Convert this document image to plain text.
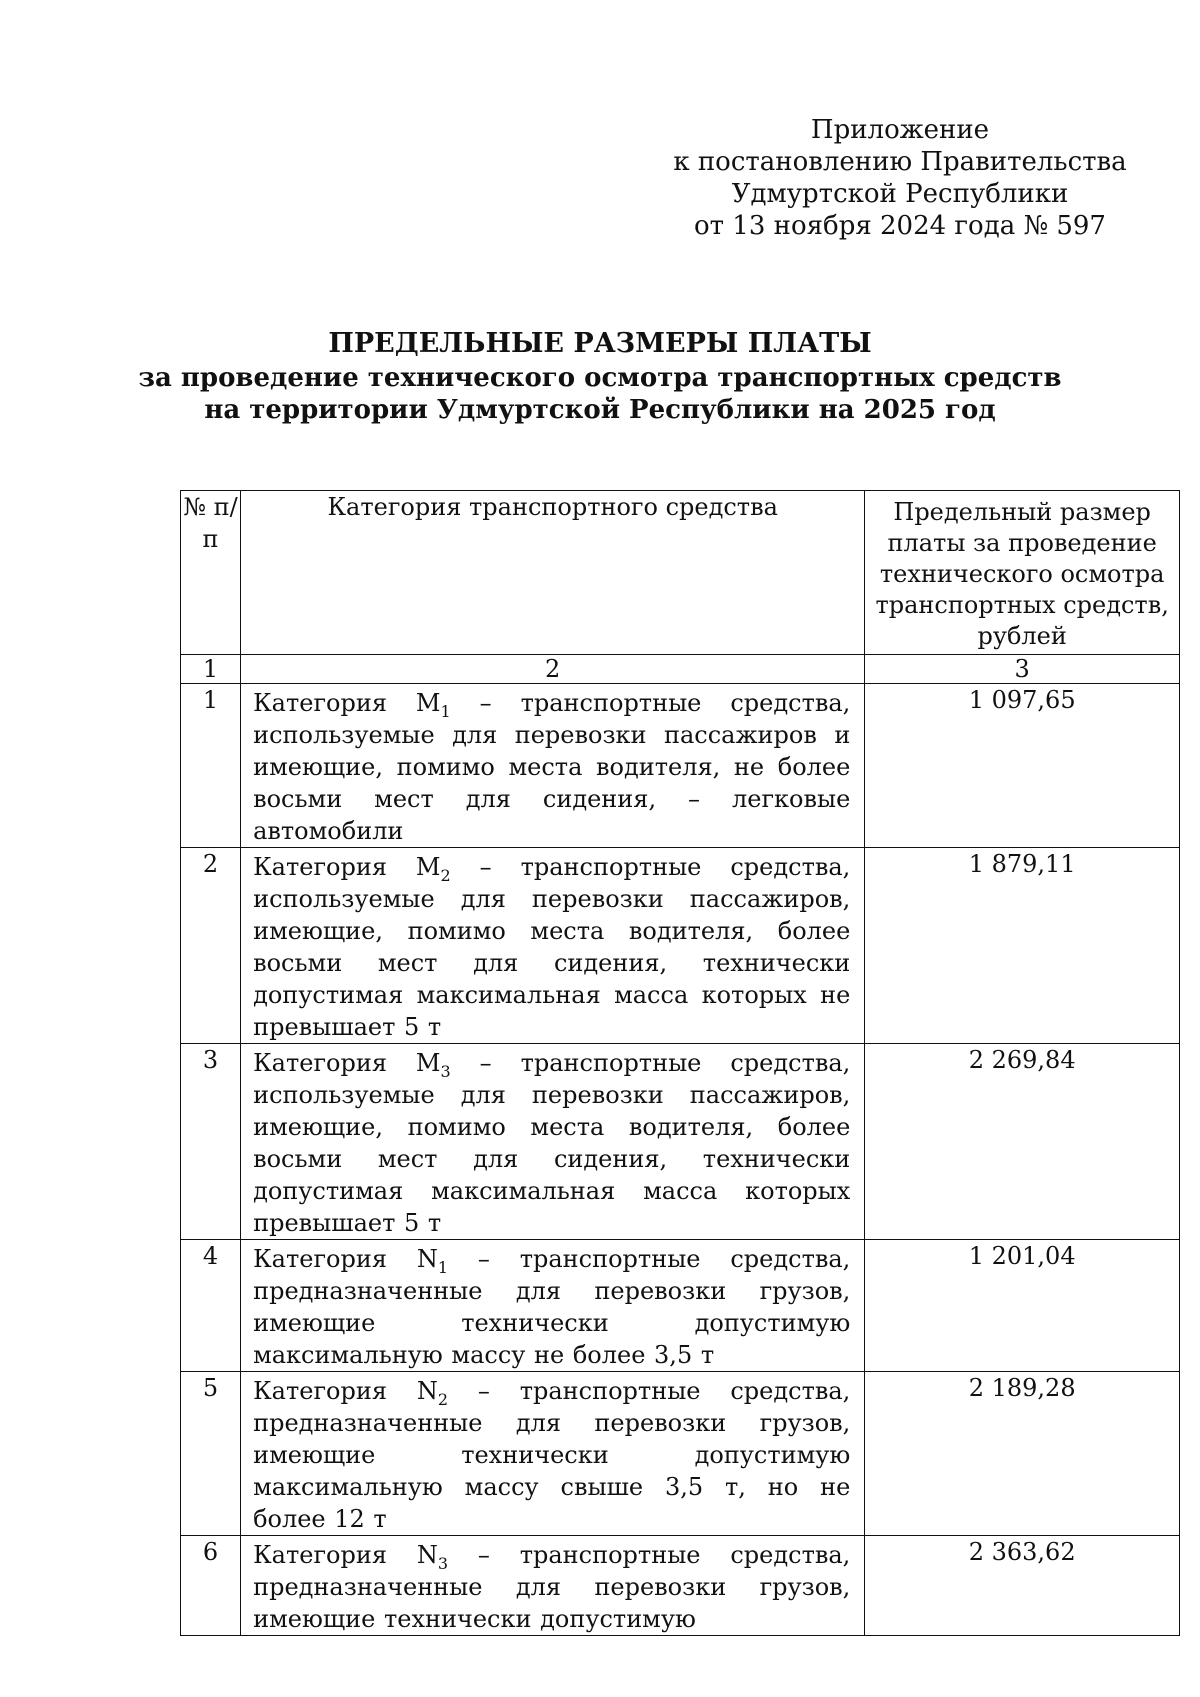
Приложение
к постановлению Правительства
Удмуртской Республики
от 13 ноября 2024 года № 597
ПРЕДЕЛЬНЫЕ РАЗМЕРЫ ПЛАТЫ
за проведение технического осмотра транспортных средств
на территории Удмуртской Республики на 2025 год
№ п/п	Категория транспортного средства	Предельный размер платы за проведение технического осмотра транспортных средств, рублей
1	2	3
1	Категория $M_1$ – транспортные средства, используемые для перевозки пассажиров и имеющие, помимо места водителя, не более восьми мест для сидения, – легковые автомобили	1 097,65
2	Категория $M_2$ – транспортные средства, используемые для перевозки пассажиров, имеющие, помимо места водителя, более восьми мест для сидения, технически допустимая максимальная масса которых не превышает 5 т	1 879,11
3	Категория $M_3$ – транспортные средства, используемые для перевозки пассажиров, имеющие, помимо места водителя, более восьми мест для сидения, технически допустимая максимальная масса которых превышает 5 т	2 269,84
4	Категория $N_1$ – транспортные средства, предназначенные для перевозки грузов, имеющие технически допустимую максимальную массу не более 3,5 т	1 201,04
5	Категория $N_2$ – транспортные средства, предназначенные для перевозки грузов, имеющие технически допустимую максимальную массу свыше 3,5 т, но не более 12 т	2 189,28
6	Категория $N_3$ – транспортные средства, предназначенные для перевозки грузов, имеющие технически допустимую	2 363,62
